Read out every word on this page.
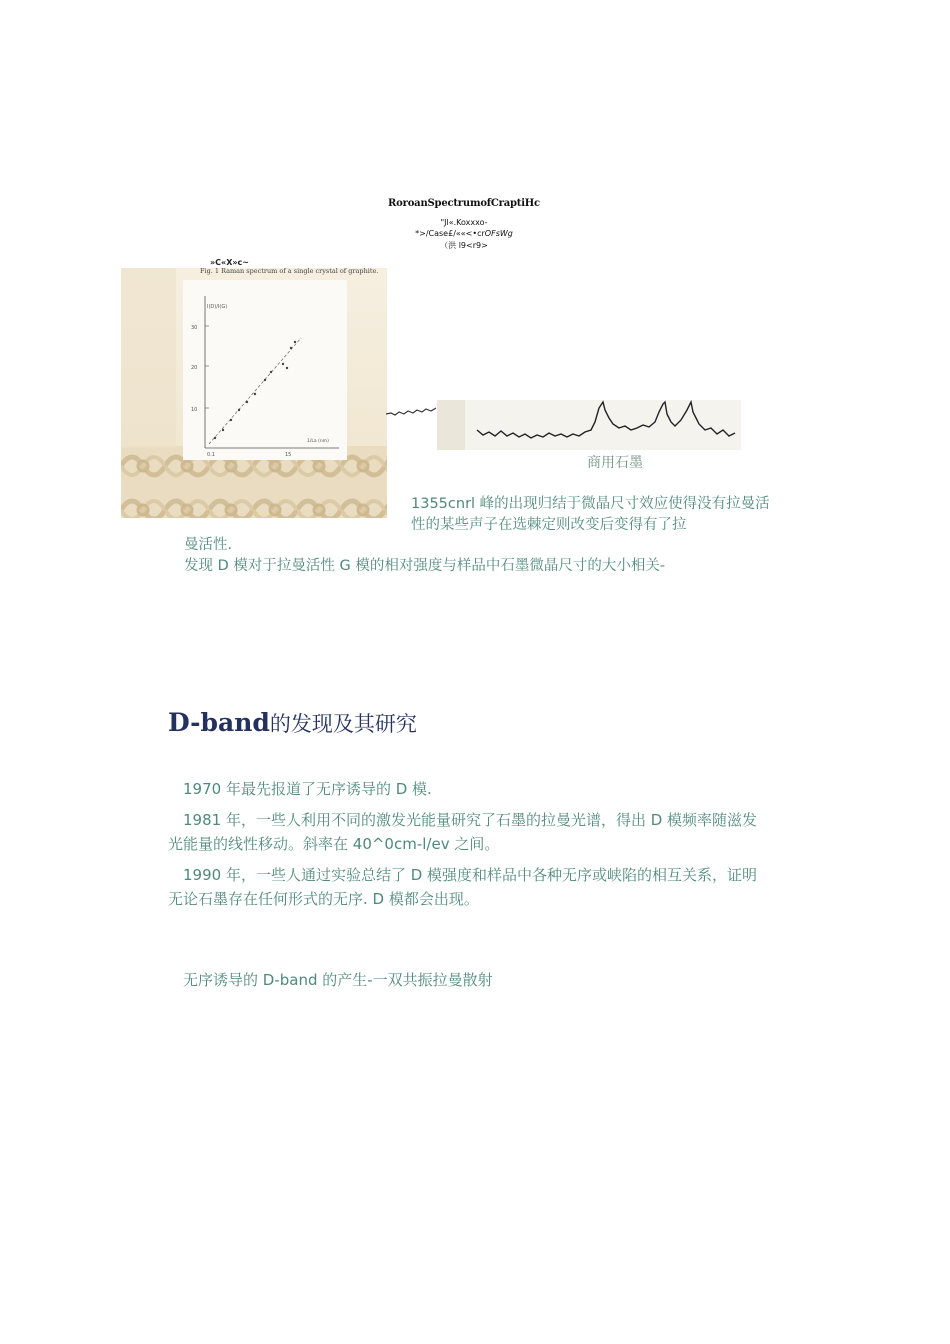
RoroanSpectrumofCraptiHc
"Jl«.Koxxxo-
*>/Case£/««<•crOFsWg
（洪 l9<r9>
30
20
10
0.1	15
I(D)/I(G)
1/La (nm)
»C«X»c~
Fig. 1 Raman spectrum of a single crystal of graphite.
商用石墨
1355cnrl 峰的出现归结于微晶尺寸效应使得没有拉曼活性的某些声子在选棘定则改变后变得有了拉
曼活性.
发现 D 模对于拉曼活性 G 模的相对强度与样品中石墨微晶尺寸的大小相关-
D-band的发现及其研究

1970 年最先报道了无序诱导的 D 模.

1981 年，一些人利用不同的激发光能量研究了石墨的拉曼光谱，得出 D 模频率随滋发光能量的线性移动。斜率在 40^0cm-l/ev 之间。

1990 年，一些人通过实验总结了 D 模强度和样品中各种无序或峡陷的相互关系，证明无论石墨存在任何形式的无序. D 模都会出现。

无序诱导的 D-band 的产生-一双共振拉曼散射
